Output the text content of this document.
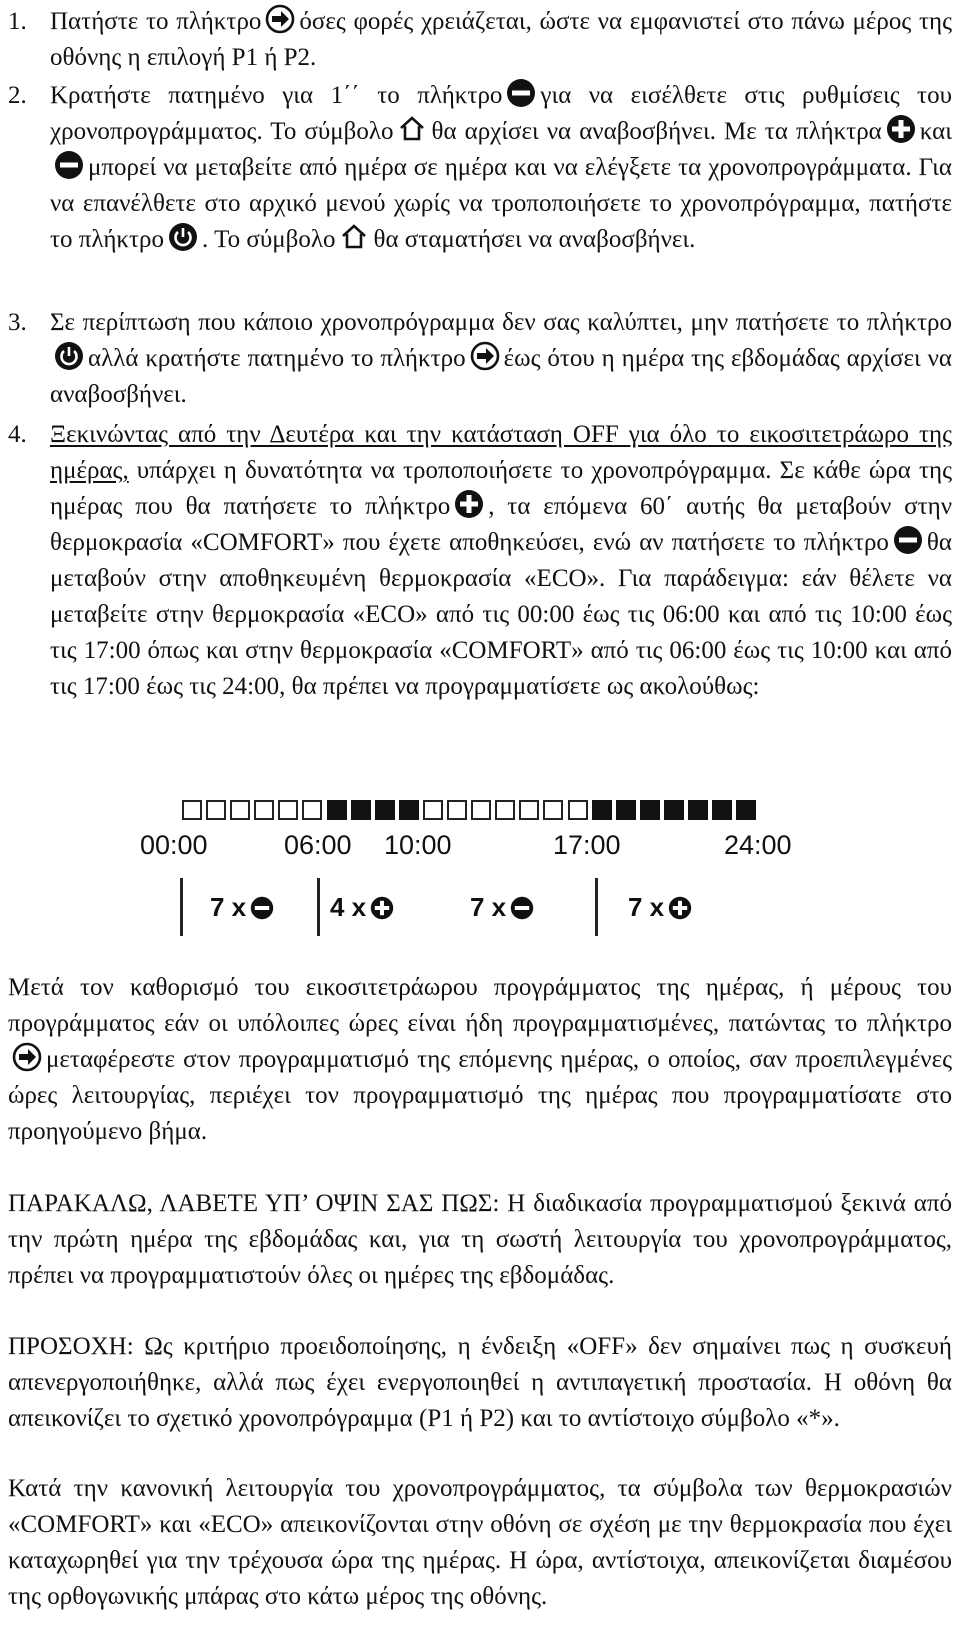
1. Πατήστε το πλήκτρο όσες φορές χρειάζεται, ώστε να εμφανιστεί στο πάνω μέρος της οθόνης η επιλογή Ρ1 ή Ρ2.
2. Κρατήστε πατημένο για 1΄΄ το πλήκτρο για να εισέλθετε στις ρυθμίσεις του χρονοπρογράμματος. Το σύμβολο θα αρχίσει να αναβοσβήνει. Με τα πλήκτρα και
μπορεί να μεταβείτε από ημέρα σε ημέρα και να ελέγξετε τα χρονοπρογράμματα. Για να επανέλθετε στο αρχικό μενού χωρίς να τροποποιήσετε το χρονοπρόγραμμα, πατήστε το πλήκτρο . Το σύμβολο θα σταματήσει να αναβοσβήνει.
3. Σε περίπτωση που κάποιο χρονοπρόγραμμα δεν σας καλύπτει, μην πατήσετε το πλήκτρο
αλλά κρατήστε πατημένο το πλήκτρο έως ότου η ημέρα της εβδομάδας αρχίσει να αναβοσβήνει.
4. Ξεκινώντας από την Δευτέρα και την κατάσταση OFF για όλο το εικοσιτετράωρο της ημέρας, υπάρχει η δυνατότητα να τροποποιήσετε το χρονοπρόγραμμα. Σε κάθε ώρα της ημέρας που θα πατήσετε το πλήκτρο , τα επόμενα 60΄ αυτής θα μεταβούν στην θερμοκρασία «COMFORT» που έχετε αποθηκεύσει, ενώ αν πατήσετε το πλήκτρο θα μεταβούν στην αποθηκευμένη θερμοκρασία «ECO». Για παράδειγμα: εάν θέλετε να μεταβείτε στην θερμοκρασία «ECO» από τις 00:00 έως τις 06:00 και από τις 10:00 έως τις 17:00 όπως και στην θερμοκρασία «COMFORT» από τις 06:00 έως τις 10:00 και από τις 17:00 έως τις 24:00, θα πρέπει να προγραμματίσετε ως ακολούθως:
00:00	06:00 10:00	17:00	24:00
7 x	4 x	7 x	7 x
Μετά τον καθορισμό του εικοσιτετράωρου προγράμματος της ημέρας, ή μέρους του προγράμματος εάν οι υπόλοιπες ώρες είναι ήδη προγραμματισμένες, πατώντας το πλήκτρο
μεταφέρεστε στον προγραμματισμό της επόμενης ημέρας, ο οποίος, σαν προεπιλεγμένες ώρες λειτουργίας, περιέχει τον προγραμματισμό της ημέρας που προγραμματίσατε στο προηγούμενο βήμα.
ΠΑΡΑΚΑΛΩ, ΛΑΒΕΤΕ ΥΠ’ ΟΨΙΝ ΣΑΣ ΠΩΣ: Η διαδικασία προγραμματισμού ξεκινά από την πρώτη ημέρα της εβδομάδας και, για τη σωστή λειτουργία του χρονοπρογράμματος, πρέπει να προγραμματιστούν όλες οι ημέρες της εβδομάδας.
ΠΡΟΣΟΧΗ: Ως κριτήριο προειδοποίησης, η ένδειξη «OFF» δεν σημαίνει πως η συσκευή απενεργοποιήθηκε, αλλά πως έχει ενεργοποιηθεί η αντιπαγετική προστασία. Η οθόνη θα απεικονίζει το σχετικό χρονοπρόγραμμα (Ρ1 ή Ρ2) και το αντίστοιχο σύμβολο «*».
Κατά την κανονική λειτουργία του χρονοπρογράμματος, τα σύμβολα των θερμοκρασιών «COMFORT» και «ECO» απεικονίζονται στην οθόνη σε σχέση με την θερμοκρασία που έχει καταχωρηθεί για την τρέχουσα ώρα της ημέρας. Η ώρα, αντίστοιχα, απεικονίζεται διαμέσου της ορθογωνικής μπάρας στο κάτω μέρος της οθόνης.
